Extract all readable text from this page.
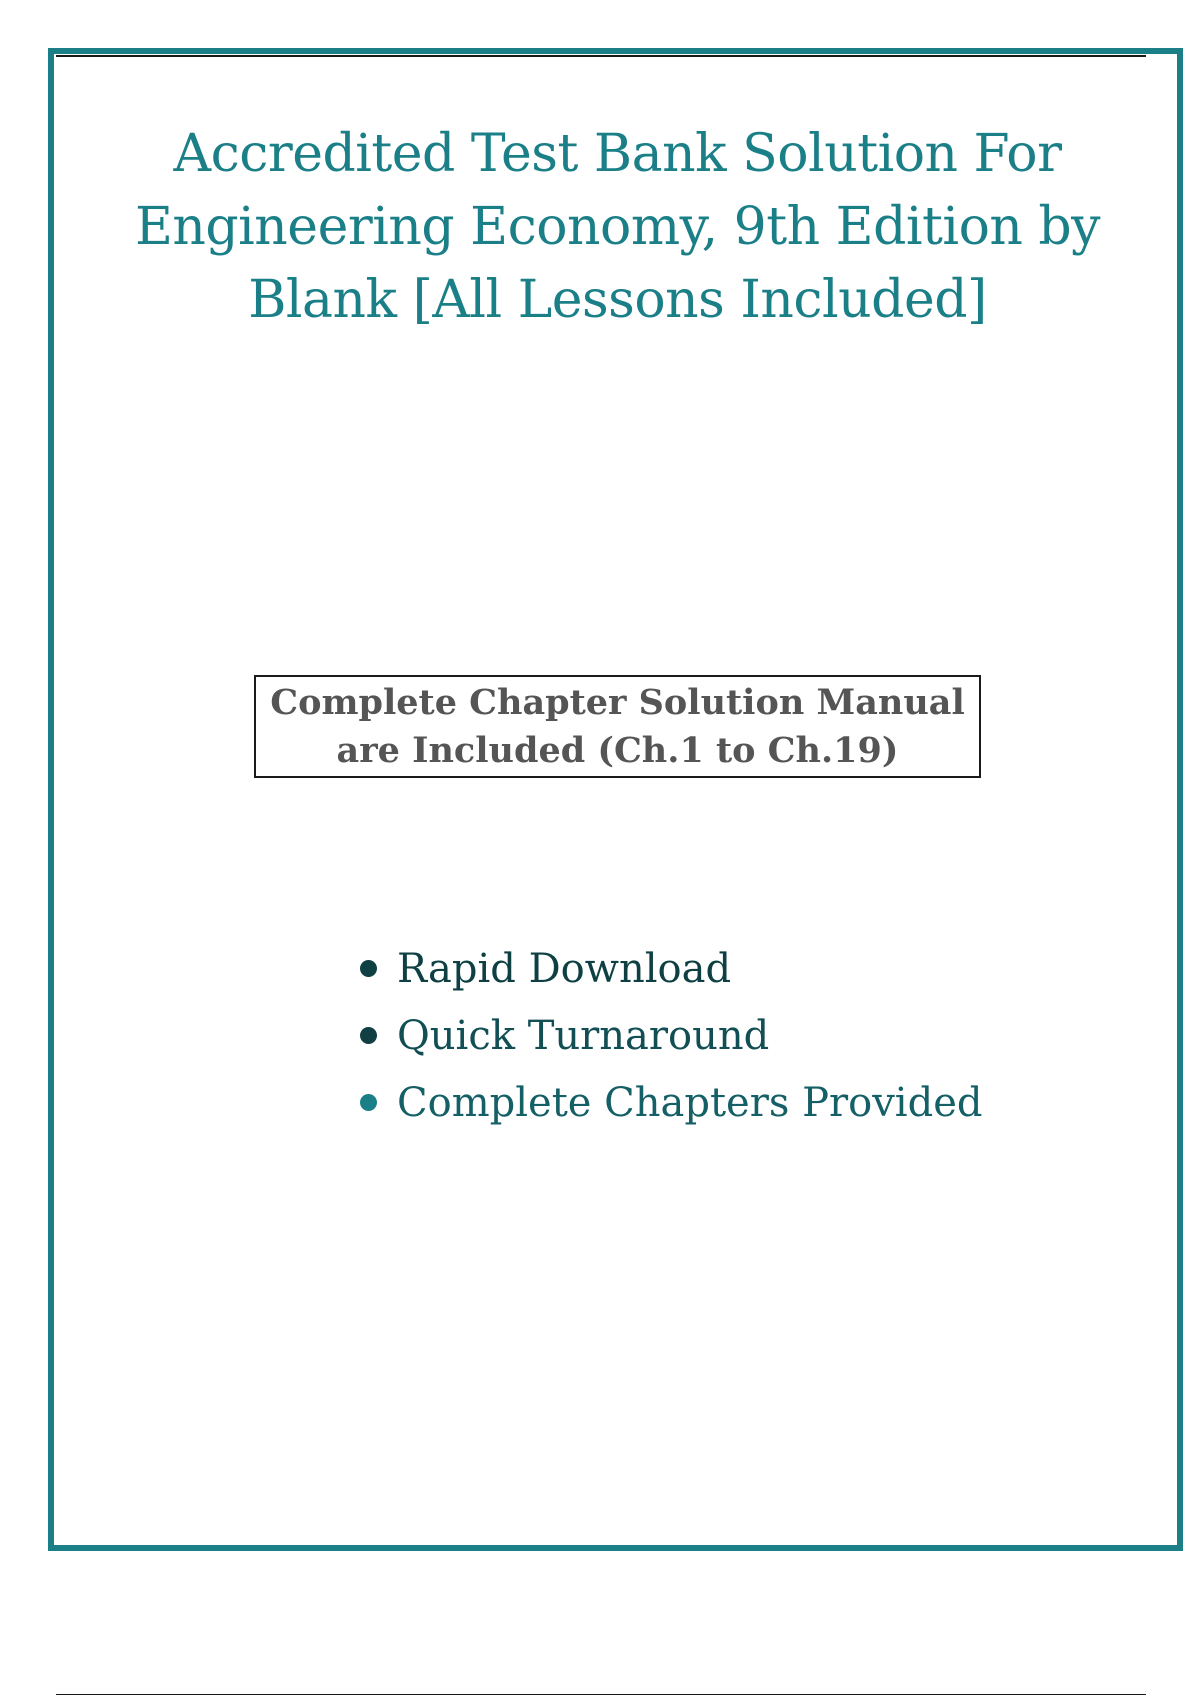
Accredited Test Bank Solution For Engineering Economy, 9th Edition by Blank [All Lessons Included]
Complete Chapter Solution Manual
are Included (Ch.1 to Ch.19)
Rapid Download
Quick Turnaround
Complete Chapters Provided
